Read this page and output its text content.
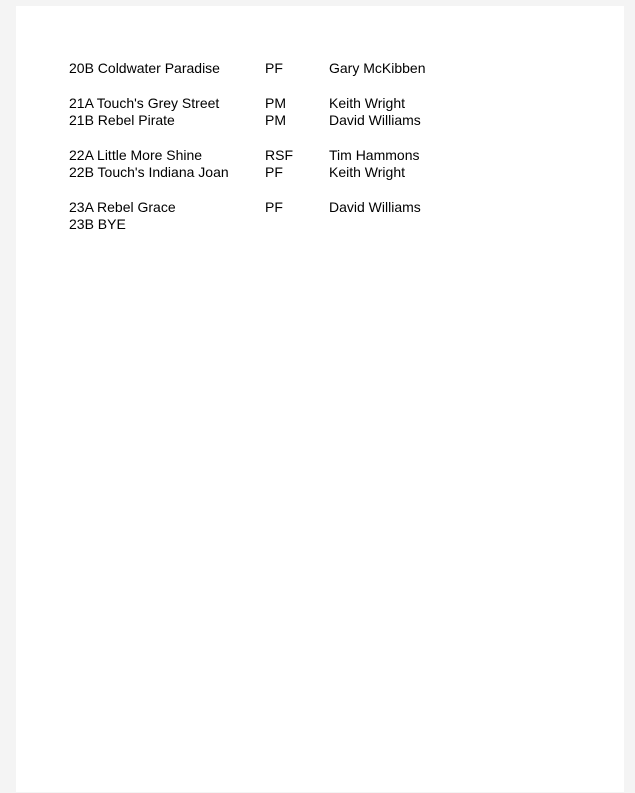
20B Coldwater Paradise	PF	Gary McKibben
21A Touch's Grey Street	PM	Keith Wright
21B Rebel Pirate	PM	David Williams
22A Little More Shine	RSF	Tim Hammons
22B Touch's Indiana Joan	PF	Keith Wright
23A Rebel Grace	PF	David Williams
23B BYE
